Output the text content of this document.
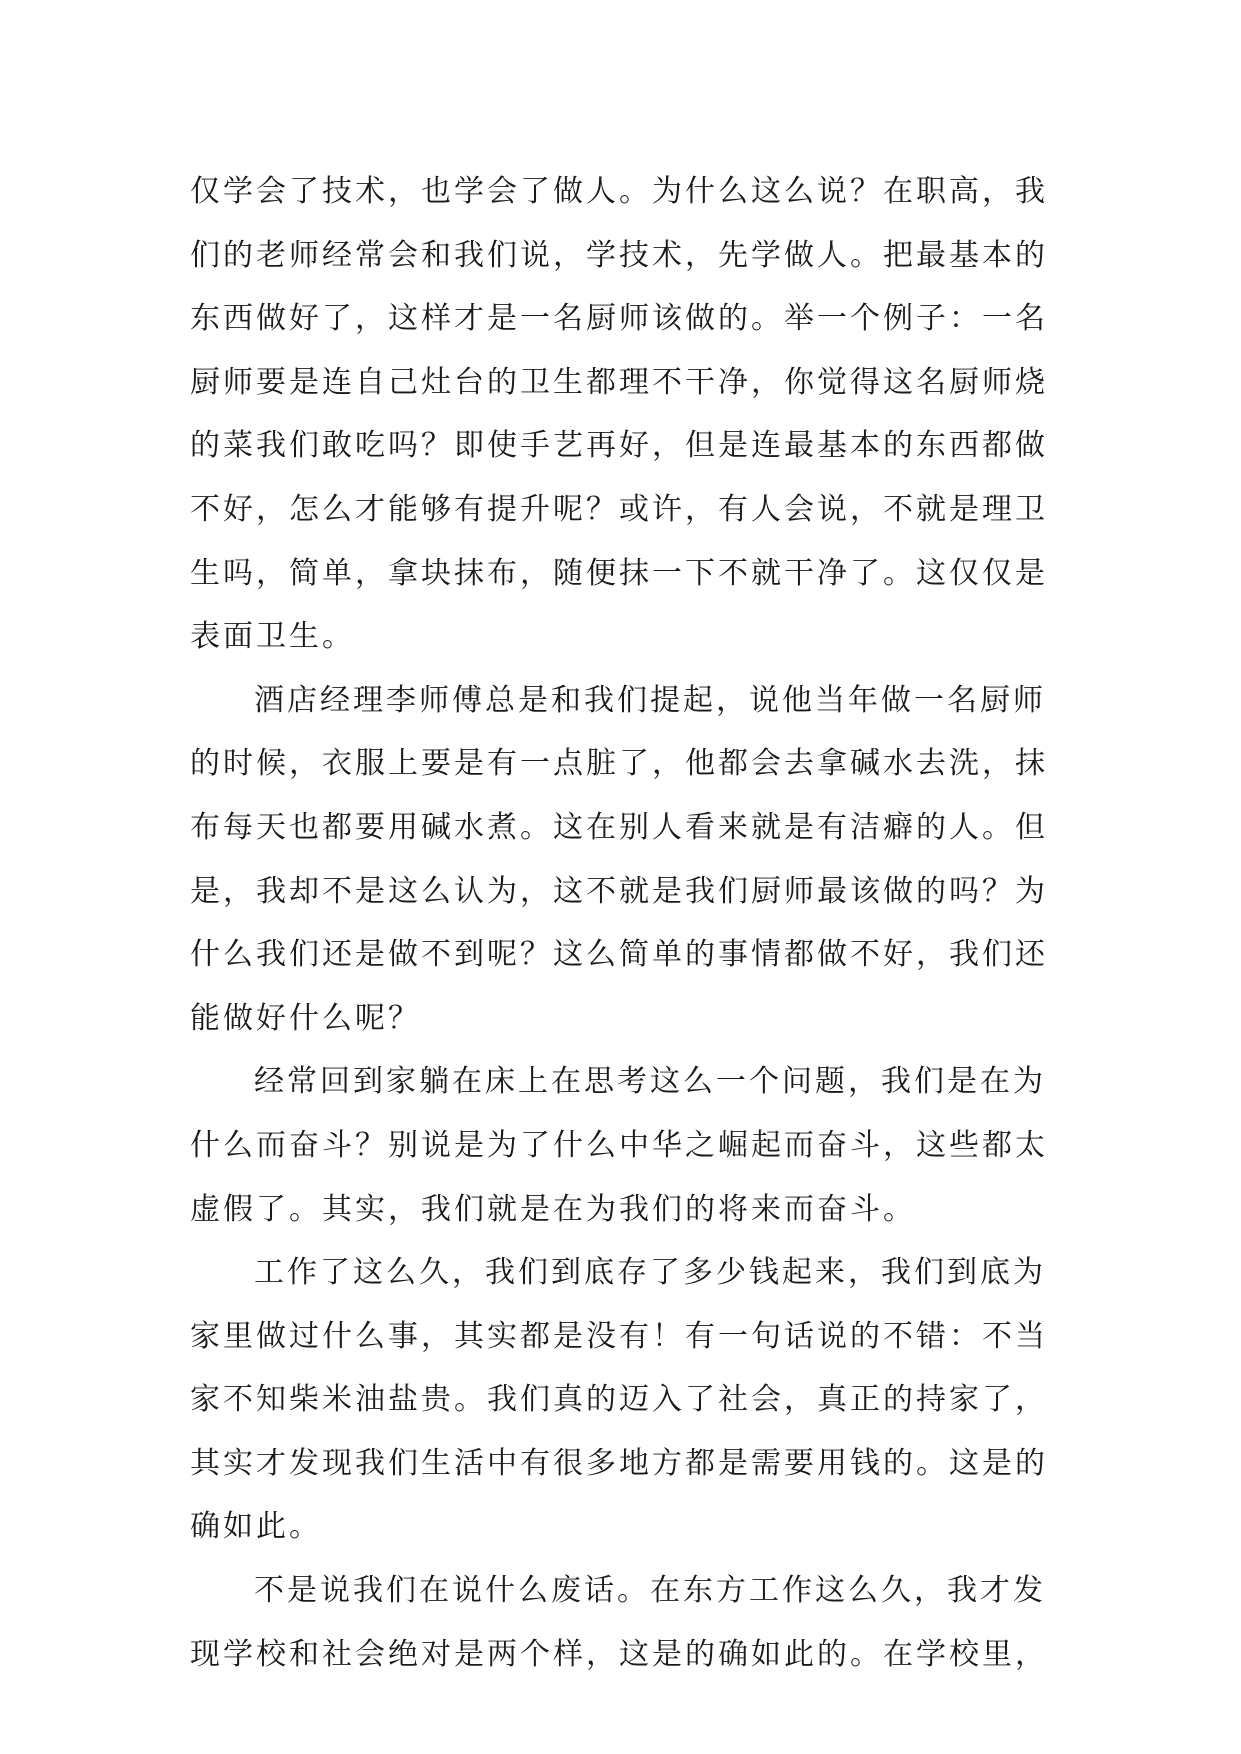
仅学会了技术，也学会了做人。为什么这么说？在职高，我
们的老师经常会和我们说，学技术，先学做人。把最基本的
东西做好了，这样才是一名厨师该做的。举一个例子：一名
厨师要是连自己灶台的卫生都理不干净，你觉得这名厨师烧
的菜我们敢吃吗？即使手艺再好，但是连最基本的东西都做
不好，怎么才能够有提升呢？或许，有人会说，不就是理卫
生吗，简单，拿块抹布，随便抹一下不就干净了。这仅仅是
表面卫生。
酒店经理李师傅总是和我们提起，说他当年做一名厨师
的时候，衣服上要是有一点脏了，他都会去拿碱水去洗，抹
布每天也都要用碱水煮。这在别人看来就是有洁癖的人。但
是，我却不是这么认为，这不就是我们厨师最该做的吗？为
什么我们还是做不到呢？这么简单的事情都做不好，我们还
能做好什么呢？
经常回到家躺在床上在思考这么一个问题，我们是在为
什么而奋斗？别说是为了什么中华之崛起而奋斗，这些都太
虚假了。其实，我们就是在为我们的将来而奋斗。
工作了这么久，我们到底存了多少钱起来，我们到底为
家里做过什么事，其实都是没有！有一句话说的不错：不当
家不知柴米油盐贵。我们真的迈入了社会，真正的持家了，
其实才发现我们生活中有很多地方都是需要用钱的。这是的
确如此。
不是说我们在说什么废话。在东方工作这么久，我才发
现学校和社会绝对是两个样，这是的确如此的。在学校里，
